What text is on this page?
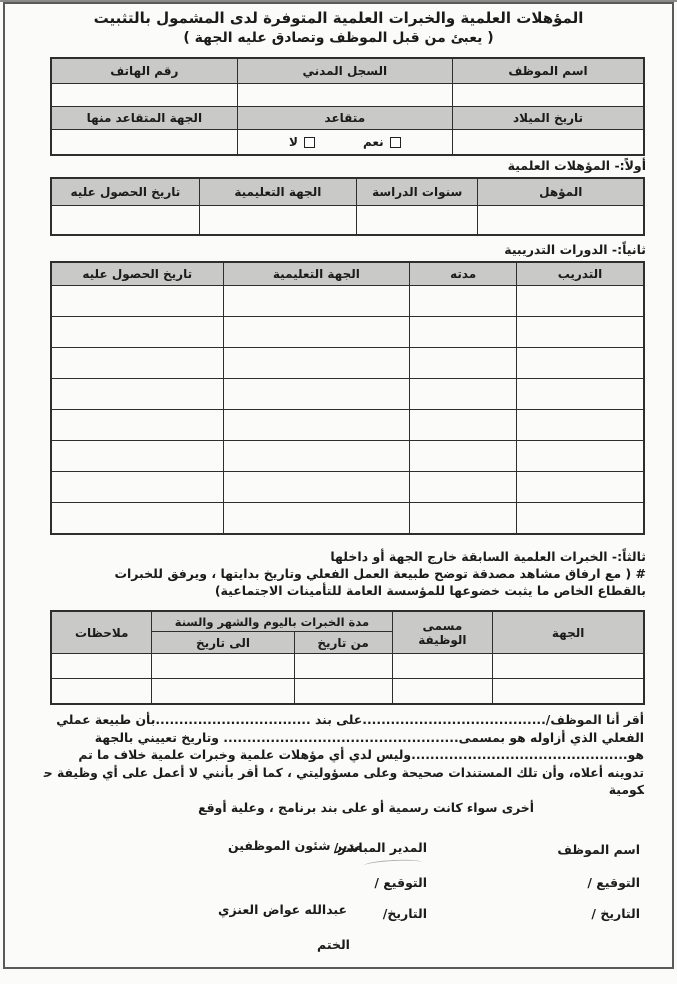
المؤهلات العلمية والخبرات العلمية المتوفرة لدى المشمول بالتثبيت
( يعبئ من قبل الموظف وتصادق عليه الجهة )
اسم الموظف	السجل المدني	رقم الهاتف

تاريخ الميلاد	متقاعد	الجهة المتقاعد منها
	نعملا	
أولاً:- المؤهلات العلمية
المؤهل	سنوات الدراسة	الجهة التعليمية	تاريخ الحصول عليه

ثانياً:- الدورات التدريبية
التدريب	مدته	الجهة التعليمية	تاريخ الحصول عليه

ثالثاً:- الخبرات العلمية السابقة خارج الجهة أو داخلها
# ( مع ارفاق مشاهد مصدقة توضح طبيعة العمل الفعلي وتاريخ بدايتها ، ويرفق للخبرات
بالقطاع الخاص ما يثبت خضوعها للمؤسسة العامة للتأمينات الاجتماعية)
الجهة	مسمى الوظيفة	مدة الخبرات باليوم والشهر والسنة		ملاحظات
		من تاريخ	الى تاريخ	

أقر أنا الموظف/.......................................على بند .................................بأن طبيعة عملي
الفعلي الذي أزاوله هو بمسمى.................................................. وتاريخ تعييني بالجهة
هو..............................................وليس لدي أي مؤهلات علمية وخبرات علمية خلاف ما تم
تدوينه أعلاه، وأن تلك المستندات صحيحة وعلى مسؤوليتي ، كما أقر بأنني لا أعمل على أي وظيفة حكومية
أخرى سواء كانت رسمية أو على بند برنامج ، وعلية أوقع
اسم الموظف
المدير المباشر/
مدير شئون الموظفين
التوقيع /
التوقيع /
التاريخ /
التاريخ/
عبدالله عواض العنزي
الختم
